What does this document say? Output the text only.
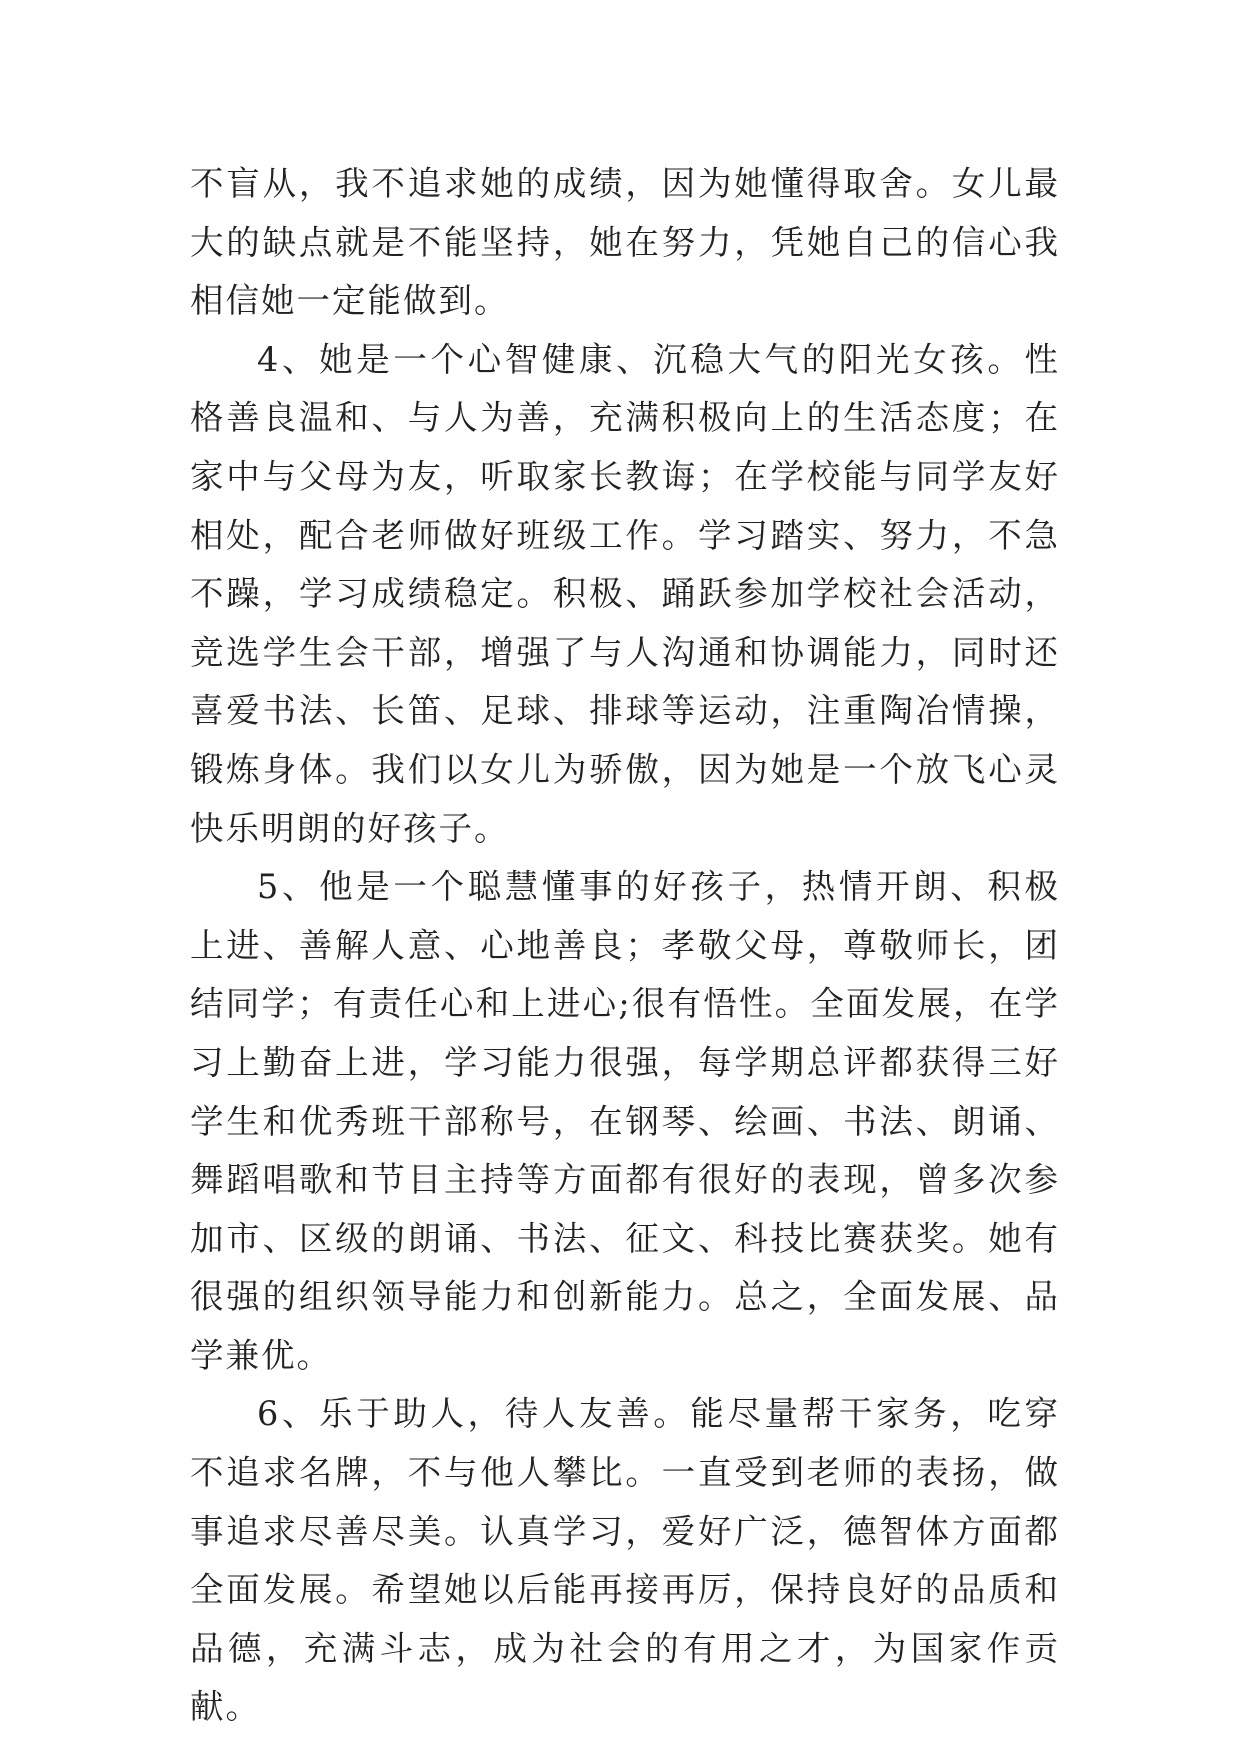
不盲从，我不追求她的成绩，因为她懂得取舍。女儿最大的缺点就是不能坚持，她在努力，凭她自己的信心我相信她一定能做到。

4、她是一个心智健康、沉稳大气的阳光女孩。性格善良温和、与人为善，充满积极向上的生活态度；在家中与父母为友，听取家长教诲；在学校能与同学友好相处，配合老师做好班级工作。学习踏实、努力，不急不躁，学习成绩稳定。积极、踊跃参加学校社会活动，竞选学生会干部，增强了与人沟通和协调能力，同时还喜爱书法、长笛、足球、排球等运动，注重陶冶情操，锻炼身体。我们以女儿为骄傲，因为她是一个放飞心灵快乐明朗的好孩子。

5、他是一个聪慧懂事的好孩子，热情开朗、积极上进、善解人意、心地善良；孝敬父母，尊敬师长，团结同学；有责任心和上进心;很有悟性。全面发展，在学习上勤奋上进，学习能力很强，每学期总评都获得三好学生和优秀班干部称号，在钢琴、绘画、书法、朗诵、舞蹈唱歌和节目主持等方面都有很好的表现，曾多次参加市、区级的朗诵、书法、征文、科技比赛获奖。她有很强的组织领导能力和创新能力。总之，全面发展、品学兼优。

6、乐于助人，待人友善。能尽量帮干家务，吃穿不追求名牌，不与他人攀比。一直受到老师的表扬，做事追求尽善尽美。认真学习，爱好广泛，德智体方面都全面发展。希望她以后能再接再厉，保持良好的品质和品德，充满斗志，成为社会的有用之才，为国家作贡献。
